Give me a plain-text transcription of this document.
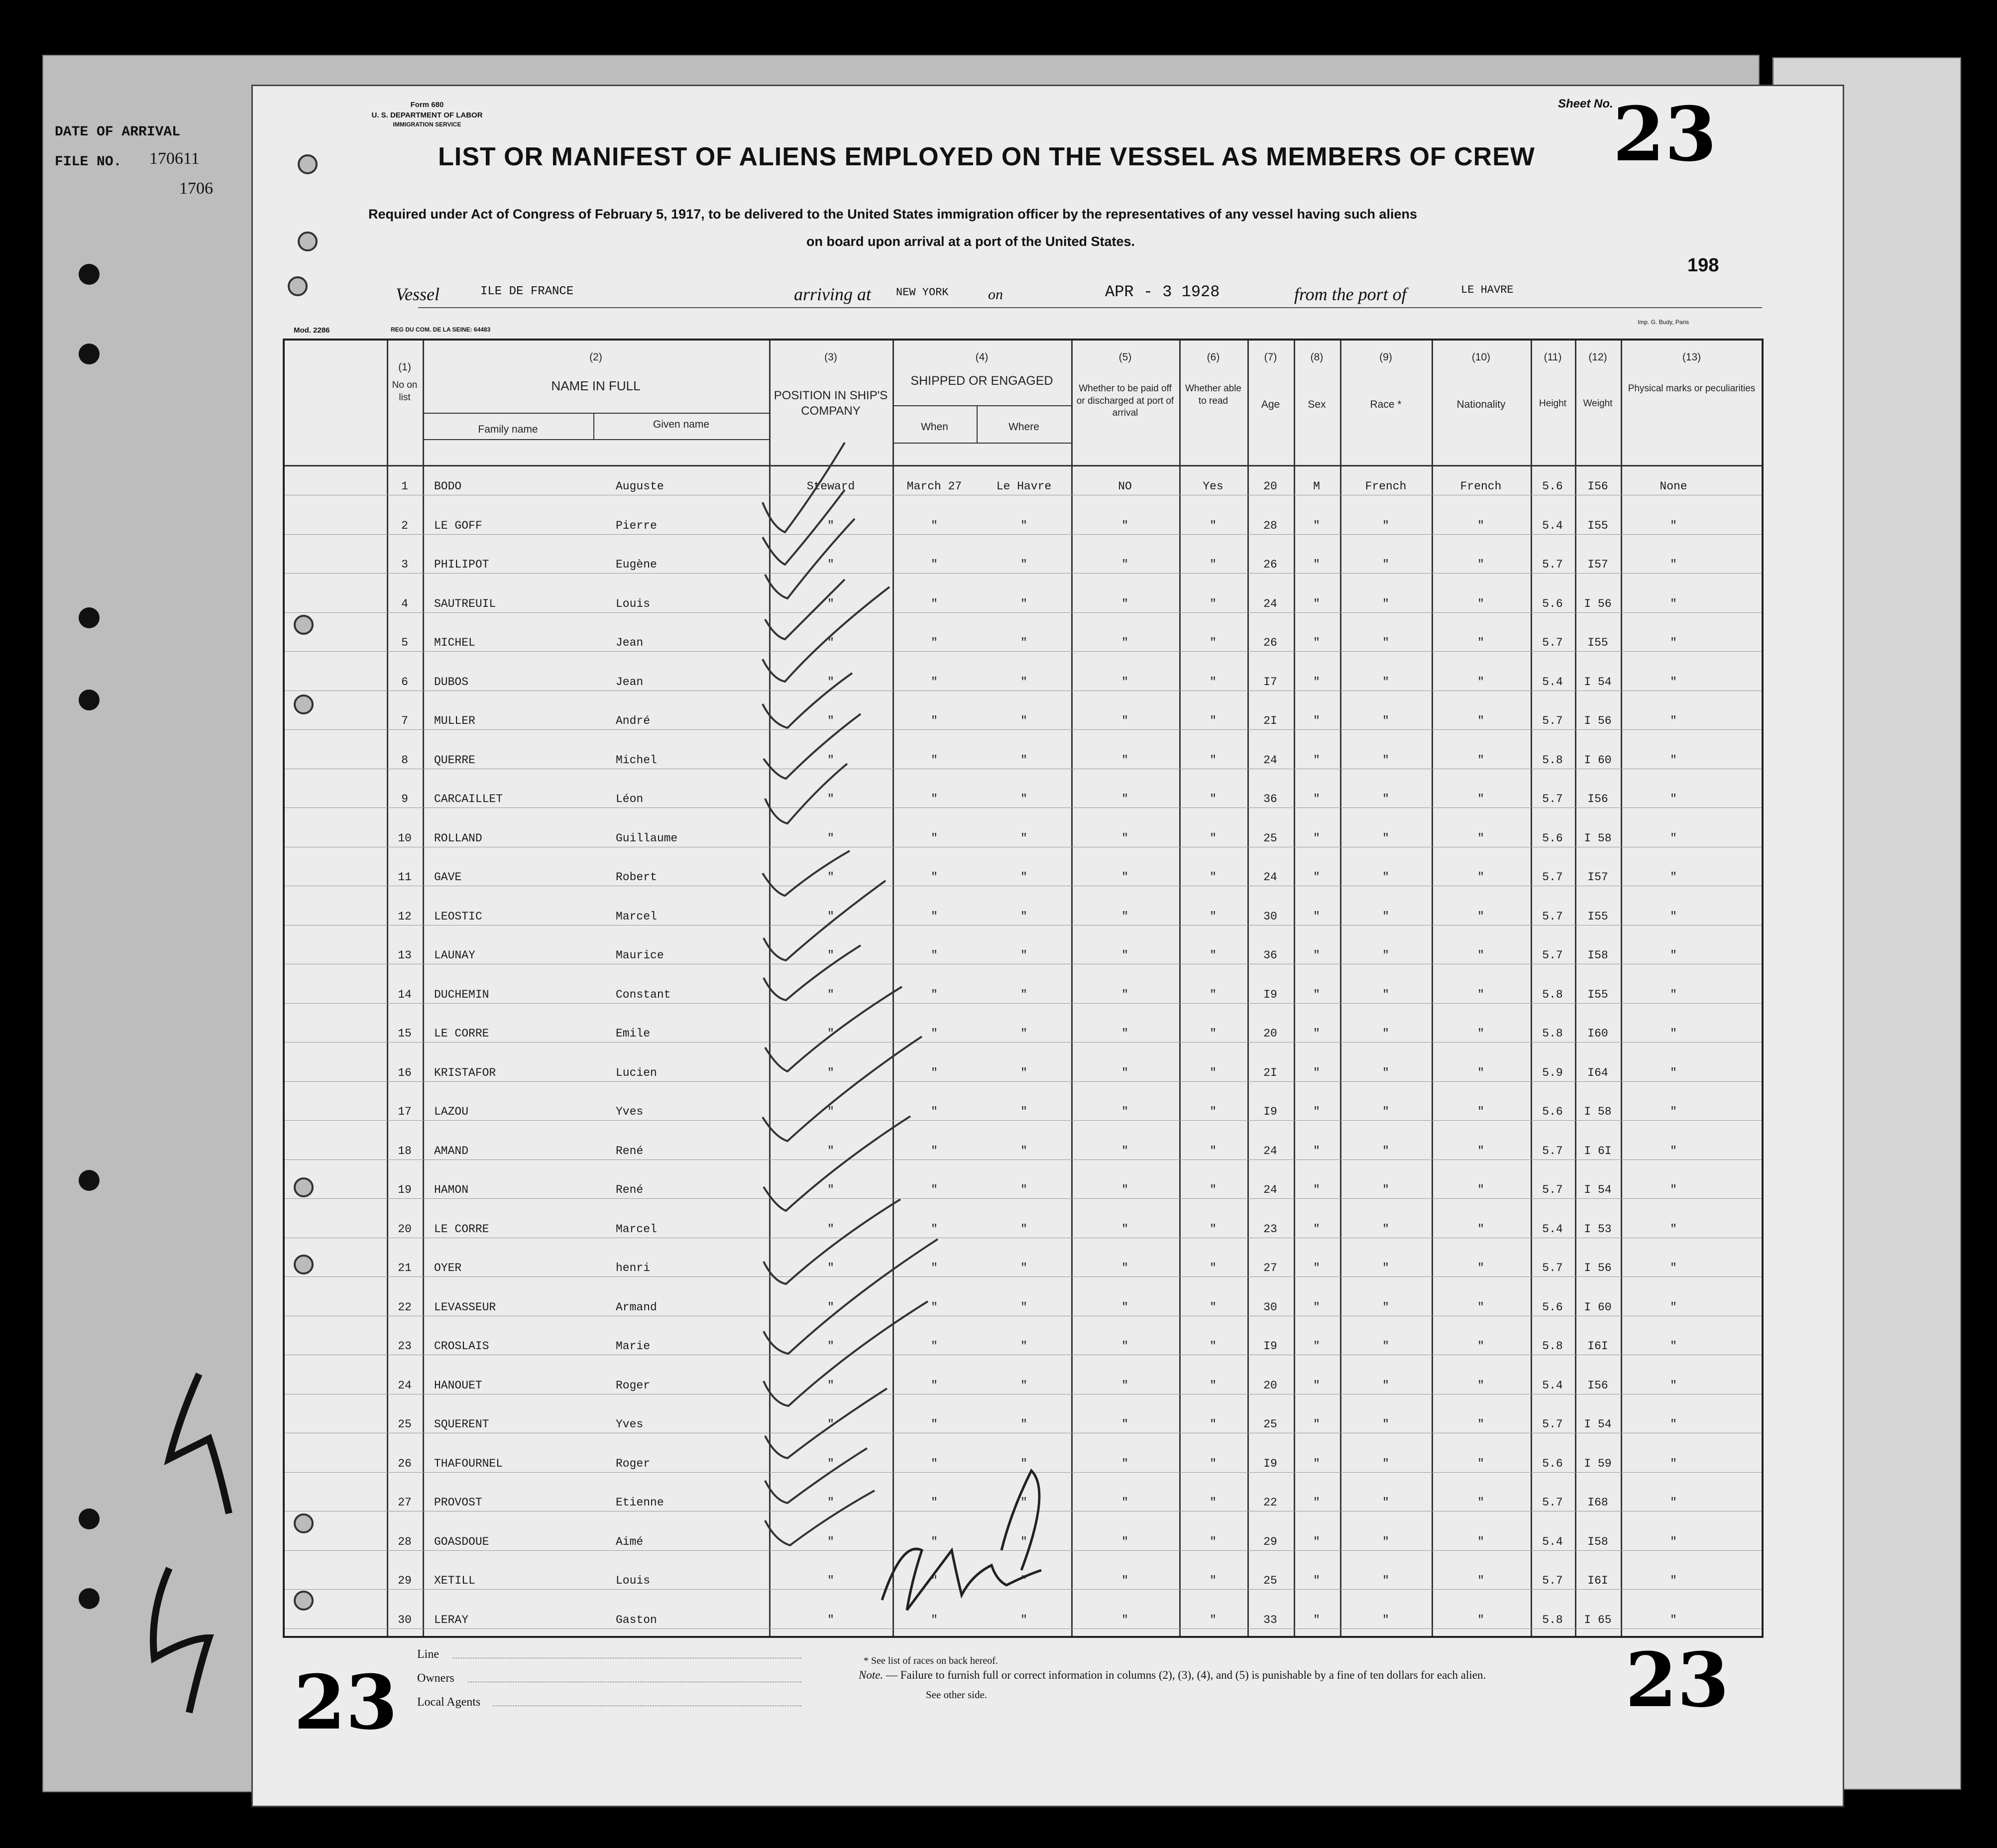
DATE OF ARRIVAL
FILE NO. 170611
1706
Form 680
U. S. DEPARTMENT OF LABOR
IMMIGRATION SERVICE
Sheet No. 23
LIST OR MANIFEST OF ALIENS EMPLOYED ON THE VESSEL AS MEMBERS OF CREW
Required under Act of Congress of February 5, 1917, to be delivered to the United States immigration officer by the representatives of any vessel having such aliens
on board upon arrival at a port of the United States.
198
Vessel	ILE DE FRANCE	arriving at NEW YORK	on	APR - 3 1928	from the port of	LE HAVRE
Mod. 2286	REG DU COM. DE LA SEINE: 64483
Imp. G. Budy, Paris
(1)
No on list
(2)
NAME IN FULL
Family name	Given name
(3)
POSITION IN SHIP'S COMPANY
(4)
SHIPPED OR ENGAGED
When	Where
(5)
Whether to be paid off or discharged at port of arrival
(6)
Whether able to read
(7)
Age
(8)
Sex
(9)
Race *
(10)
Nationality
(11)
Height
(12)
Weight
(13)
Physical marks or peculiarities
1 BODO	Auguste	Steward	March 27	Le Havre	NO	Yes	20	M	French	French	5.6 I56	None
2 LE GOFF	Pierre	"	"	"	"	"	28	"	"	"	5.4 I55	"
3 PHILIPOT	Eugène	"	"	"	"	"	26	"	"	"	5.7 I57	"
4 SAUTREUIL	Louis	"	"	"	"	"	24	"	"	"	5.6 I 56	"
5 MICHEL	Jean	"	"	"	"	"	26	"	"	"	5.7 I55	"
6 DUBOS	Jean	"	"	"	"	"	I7	"	"	"	5.4 I 54	"
7 MULLER	André	"	"	"	"	"	2I	"	"	"	5.7 I 56	"
8 QUERRE	Michel	"	"	"	"	"	24	"	"	"	5.8 I 60	"
9 CARCAILLET	Léon	"	"	"	"	"	36	"	"	"	5.7 I56	"
10 ROLLAND	Guillaume	"	"	"	"	"	25	"	"	"	5.6 I 58	"
11 GAVE	Robert	"	"	"	"	"	24	"	"	"	5.7 I57	"
12 LEOSTIC	Marcel	"	"	"	"	"	30	"	"	"	5.7 I55	"
13 LAUNAY	Maurice	"	"	"	"	"	36	"	"	"	5.7 I58	"
14 DUCHEMIN	Constant	"	"	"	"	"	I9	"	"	"	5.8 I55	"
15 LE CORRE	Emile	"	"	"	"	"	20	"	"	"	5.8 I60	"
16 KRISTAFOR	Lucien	"	"	"	"	"	2I	"	"	"	5.9 I64	"
17 LAZOU	Yves	"	"	"	"	"	I9	"	"	"	5.6 I 58	"
18 AMAND	René	"	"	"	"	"	24	"	"	"	5.7 I 6I	"
19 HAMON	René	"	"	"	"	"	24	"	"	"	5.7 I 54	"
20 LE CORRE	Marcel	"	"	"	"	"	23	"	"	"	5.4 I 53	"
21 OYER	henri	"	"	"	"	"	27	"	"	"	5.7 I 56	"
22 LEVASSEUR	Armand	"	"	"	"	"	30	"	"	"	5.6 I 60	"
23 CROSLAIS	Marie	"	"	"	"	"	I9	"	"	"	5.8 I6I	"
24 HANOUET	Roger	"	"	"	"	"	20	"	"	"	5.4 I56	"
25 SQUERENT	Yves	"	"	"	"	"	25	"	"	"	5.7 I 54	"
26 THAFOURNEL	Roger	"	"	"	"	"	I9	"	"	"	5.6 I 59	"
27 PROVOST	Etienne	"	"	"	"	"	22	"	"	"	5.7 I68	"
28 GOASDOUE	Aimé	"	"	"	"	"	29	"	"	"	5.4 I58	"
29 XETILL	Louis	"	"	"	"	"	25	"	"	"	5.7 I6I	"
30 LERAY	Gaston	"	"	"	"	"	33	"	"	"	5.8 I 65	"
23	23
Line
Owners
Local Agents
* See list of races on back hereof.
Note. — Failure to furnish full or correct information in columns (2), (3), (4), and (5) is punishable by a fine of ten dollars for each alien.
See other side.
